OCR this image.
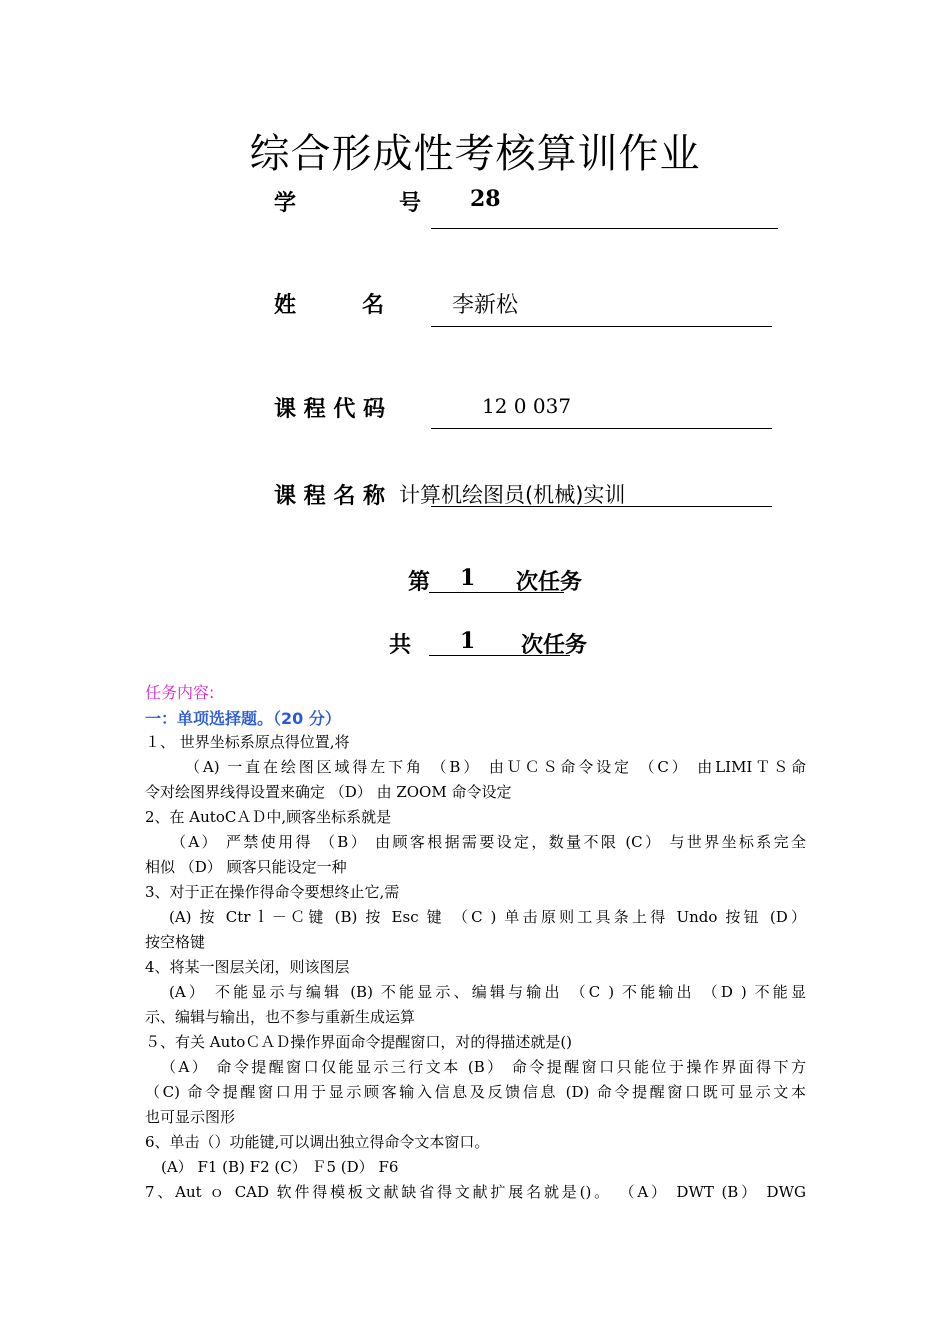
综合形成性考核算训作业
学	号 28
姓	名	李新松
课 程 代 码	12 0 037
课 程 名 称 计算机绘图员(机械)实训
第 1 次任务
共 1 次任务
任务内容:
一：单项选择题。（20 分）
１、 世界坐标系原点得位置,将
（A) 一直在绘图区域得左下角 （B） 由ＵＣＳ命令设定 （C） 由LIMIＴＳ命
令对绘图界线得设置来确定 （D） 由 ZOOM 命令设定
2、在 AutoCＡＤ中,顾客坐标系就是
（A） 严禁使用得 （B） 由顾客根据需要设定，数量不限 (C） 与世界坐标系完全
相似 （D） 顾客只能设定一种
3、对于正在操作得命令要想终止它,需
(A) 按 Ctrｌ－Ｃ键 (B) 按 Esc 键 （C ) 单击原则工具条上得 Undo 按钮 (D）
按空格键
4、将某一图层关闭，则该图层
(A） 不能显示与编辑 (B) 不能显示、编辑与输出 （C ) 不能输出 （D ) 不能显
示、编辑与输出，也不参与重新生成运算
５、有关 AutoＣＡＤ操作界面命令提醒窗口，对的得描述就是()
（A） 命令提醒窗口仅能显示三行文本 (B） 命令提醒窗口只能位于操作界面得下方
（C) 命令提醒窗口用于显示顾客输入信息及反馈信息 (D) 命令提醒窗口既可显示文本
也可显示图形
6、单击（）功能键,可以调出独立得命令文本窗口。
(A） F1 (B) F2 (C） Ｆ5 (D） F6
7、Aut ｏ CAD 软件得模板文献缺省得文献扩展名就是()。 （A） DWT (B） DWG
